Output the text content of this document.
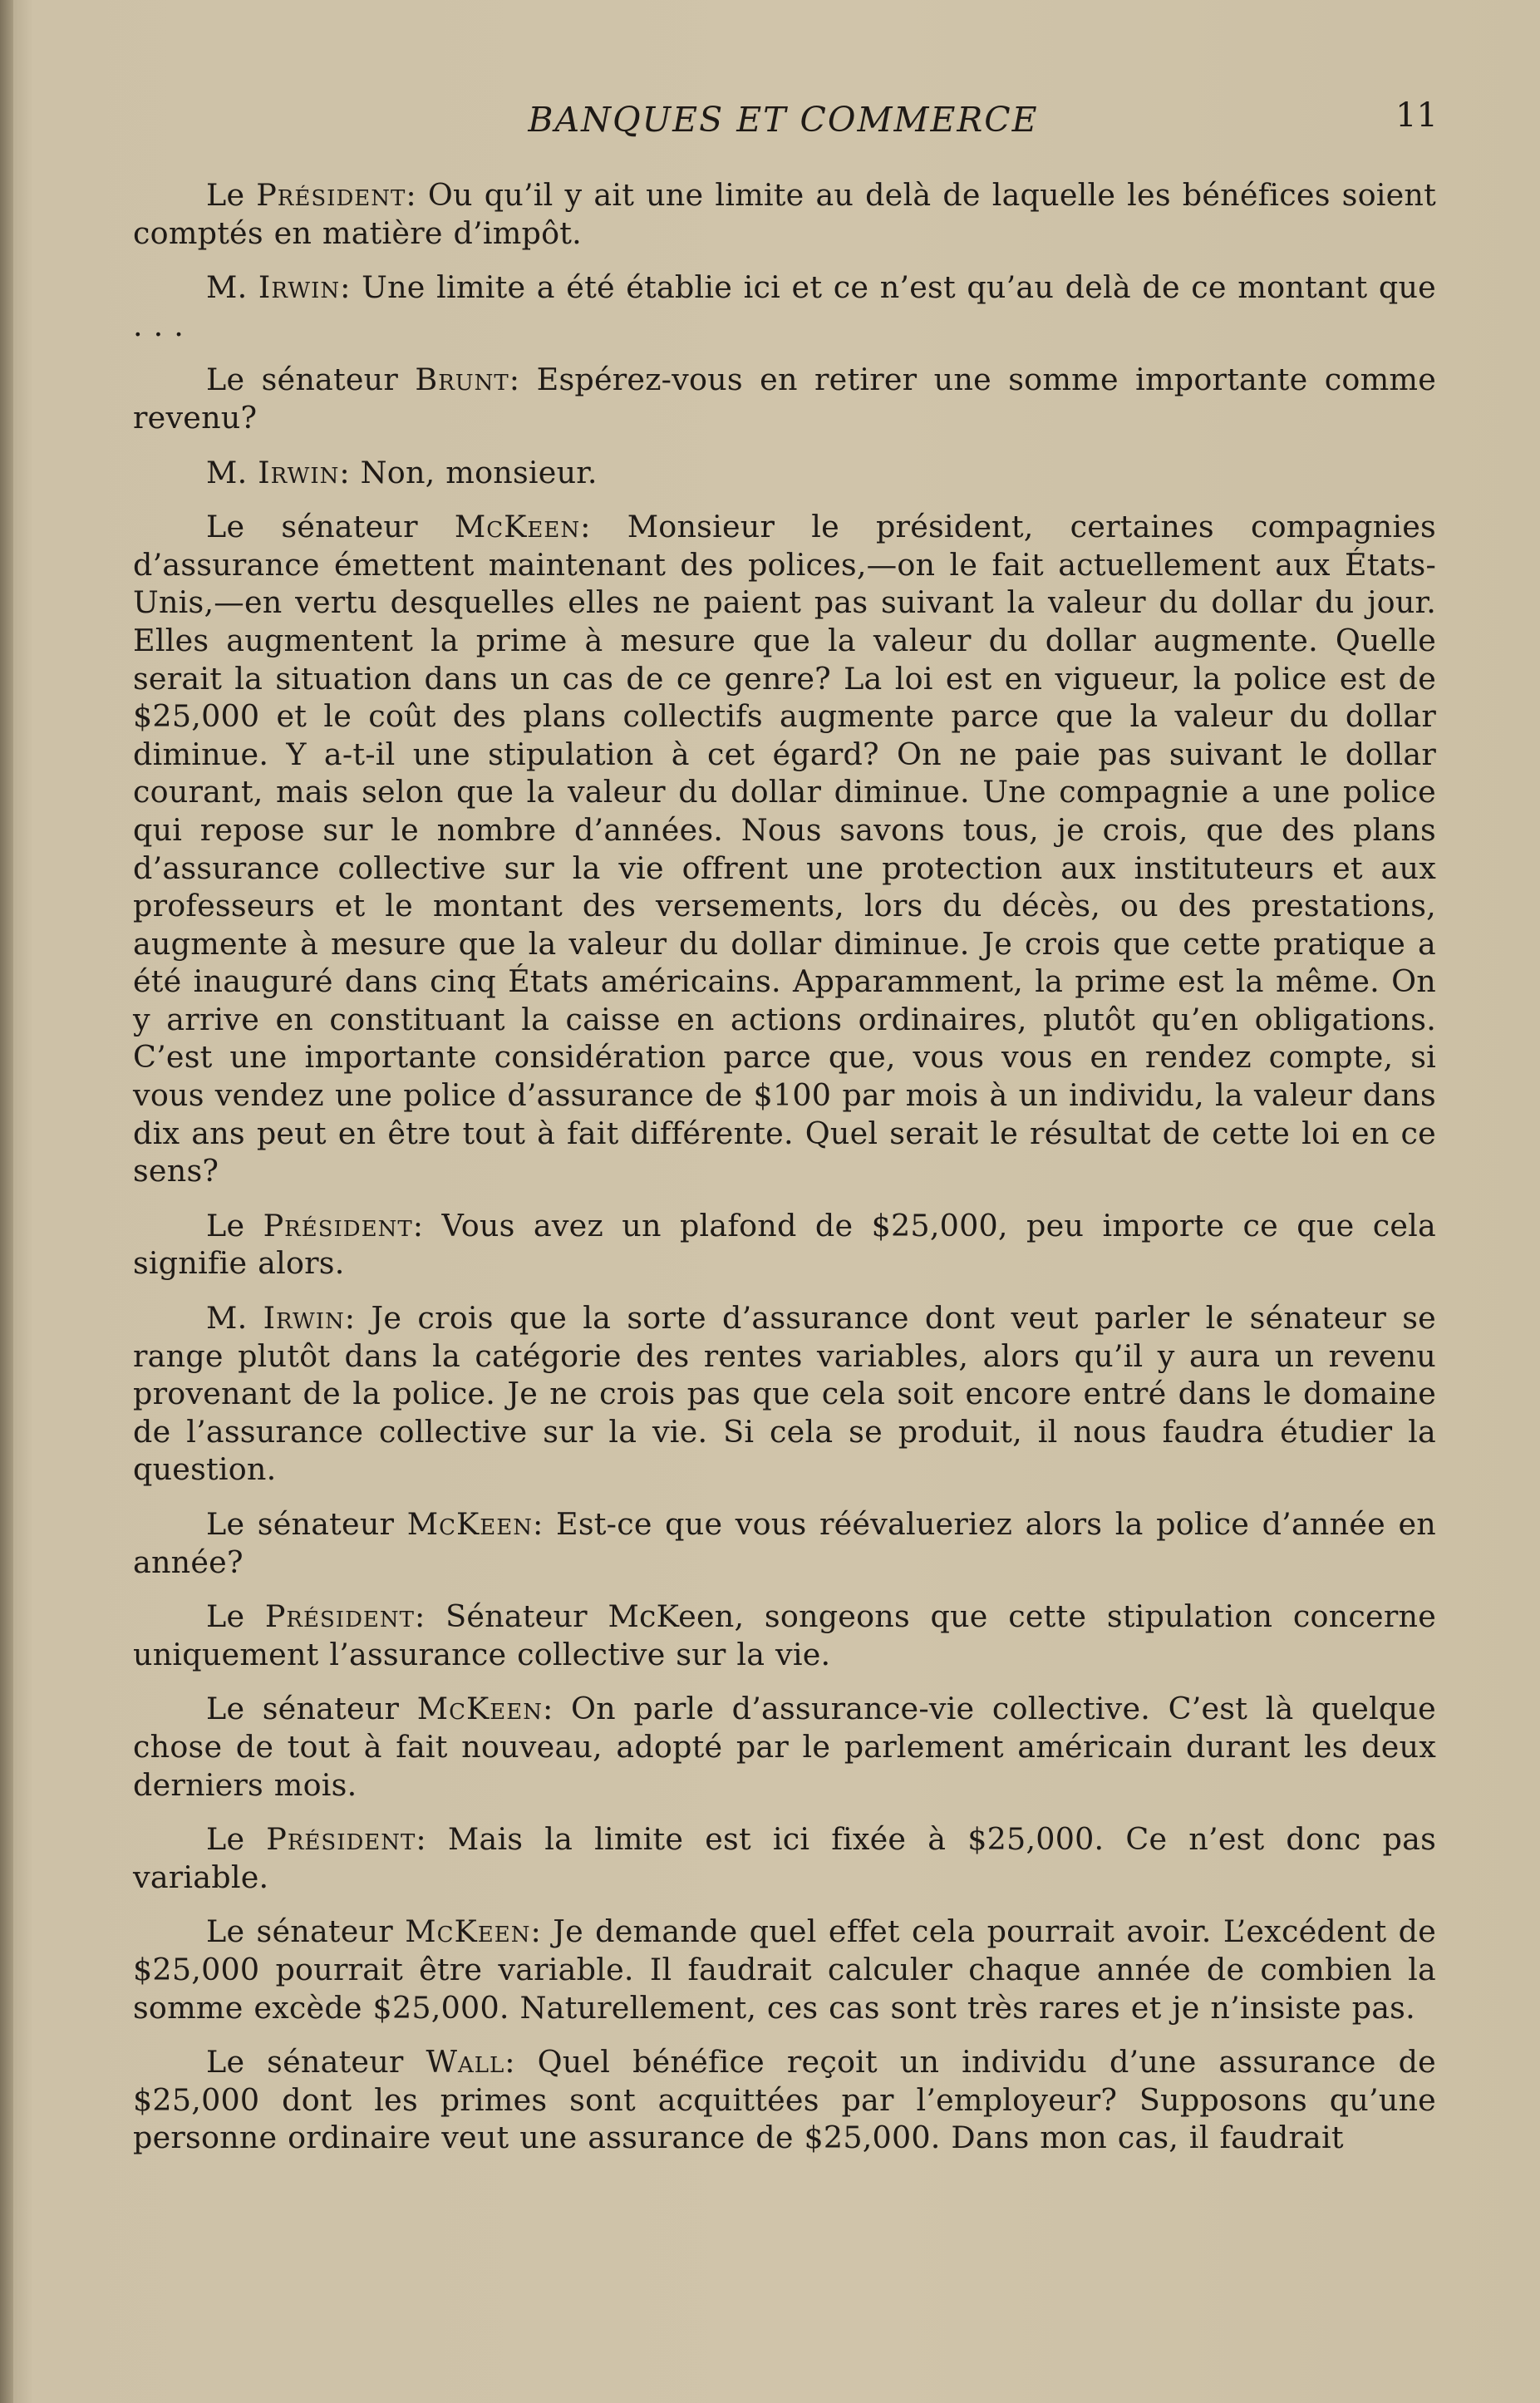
BANQUES ET COMMERCE	11

Le Président: Ou qu’il y ait une limite au delà de laquelle les bénéfices soient comptés en matière d’impôt.

M. Irwin: Une limite a été établie ici et ce n’est qu’au delà de ce montant que . . .

Le sénateur Brunt: Espérez-vous en retirer une somme importante comme revenu?

M. Irwin: Non, monsieur.

Le sénateur McKeen: Monsieur le président, certaines compagnies d’assurance émettent maintenant des polices,—on le fait actuellement aux États-Unis,—en vertu desquelles elles ne paient pas suivant la valeur du dollar du jour. Elles augmentent la prime à mesure que la valeur du dollar augmente. Quelle serait la situation dans un cas de ce genre? La loi est en vigueur, la police est de $25,000 et le coût des plans collectifs augmente parce que la valeur du dollar diminue. Y a-t-il une stipulation à cet égard? On ne paie pas suivant le dollar courant, mais selon que la valeur du dollar diminue. Une compagnie a une police qui repose sur le nombre d’années. Nous savons tous, je crois, que des plans d’assurance collective sur la vie offrent une protection aux instituteurs et aux professeurs et le montant des versements, lors du décès, ou des prestations, augmente à mesure que la valeur du dollar diminue. Je crois que cette pratique a été inauguré dans cinq États américains. Apparamment, la prime est la même. On y arrive en constituant la caisse en actions ordinaires, plutôt qu’en obligations. C’est une importante considération parce que, vous vous en rendez compte, si vous vendez une police d’assurance de $100 par mois à un individu, la valeur dans dix ans peut en être tout à fait différente. Quel serait le résultat de cette loi en ce sens?

Le Président: Vous avez un plafond de $25,000, peu importe ce que cela signifie alors.

M. Irwin: Je crois que la sorte d’assurance dont veut parler le sénateur se range plutôt dans la catégorie des rentes variables, alors qu’il y aura un revenu provenant de la police. Je ne crois pas que cela soit encore entré dans le domaine de l’assurance collective sur la vie. Si cela se produit, il nous faudra étudier la question.

Le sénateur McKeen: Est-ce que vous réévalueriez alors la police d’année en année?

Le Président: Sénateur McKeen, songeons que cette stipulation concerne uniquement l’assurance collective sur la vie.

Le sénateur McKeen: On parle d’assurance-vie collective. C’est là quelque chose de tout à fait nouveau, adopté par le parlement américain durant les deux derniers mois.

Le Président: Mais la limite est ici fixée à $25,000. Ce n’est donc pas variable.

Le sénateur McKeen: Je demande quel effet cela pourrait avoir. L’excédent de $25,000 pourrait être variable. Il faudrait calculer chaque année de combien la somme excède $25,000. Naturellement, ces cas sont très rares et je n’insiste pas.

Le sénateur Wall: Quel bénéfice reçoit un individu d’une assurance de $25,000 dont les primes sont acquittées par l’employeur? Supposons qu’une personne ordinaire veut une assurance de $25,000. Dans mon cas, il faudrait
